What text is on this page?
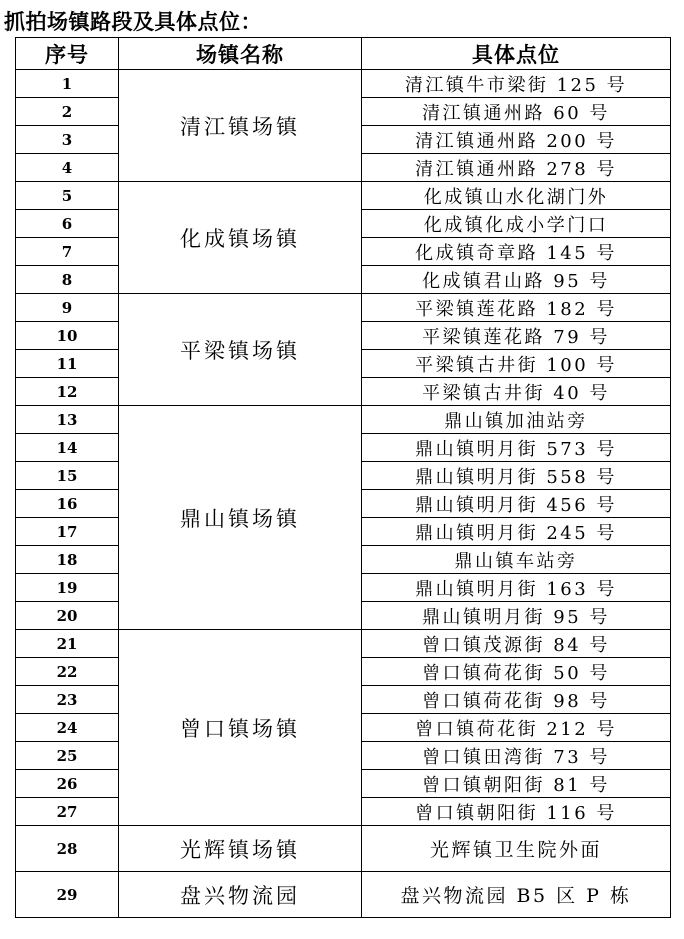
抓拍场镇路段及具体点位：
序号	场镇名称	具体点位
1	清江镇场镇	清江镇牛市梁街 125 号
2		清江镇通州路 60 号
3		清江镇通州路 200 号
4		清江镇通州路 278 号
5	化成镇场镇	化成镇山水化湖门外
6		化成镇化成小学门口
7		化成镇奇章路 145 号
8		化成镇君山路 95 号
9	平梁镇场镇	平梁镇莲花路 182 号
10		平梁镇莲花路 79 号
11		平梁镇古井街 100 号
12		平梁镇古井街 40 号
13	鼎山镇场镇	鼎山镇加油站旁
14		鼎山镇明月街 573 号
15		鼎山镇明月街 558 号
16		鼎山镇明月街 456 号
17		鼎山镇明月街 245 号
18		鼎山镇车站旁
19		鼎山镇明月街 163 号
20		鼎山镇明月街 95 号
21	曾口镇场镇	曾口镇茂源街 84 号
22		曾口镇荷花街 50 号
23		曾口镇荷花街 98 号
24		曾口镇荷花街 212 号
25		曾口镇田湾街 73 号
26		曾口镇朝阳街 81 号
27		曾口镇朝阳街 116 号
28	光辉镇场镇	光辉镇卫生院外面
29	盘兴物流园	盘兴物流园 B5 区 P 栋
